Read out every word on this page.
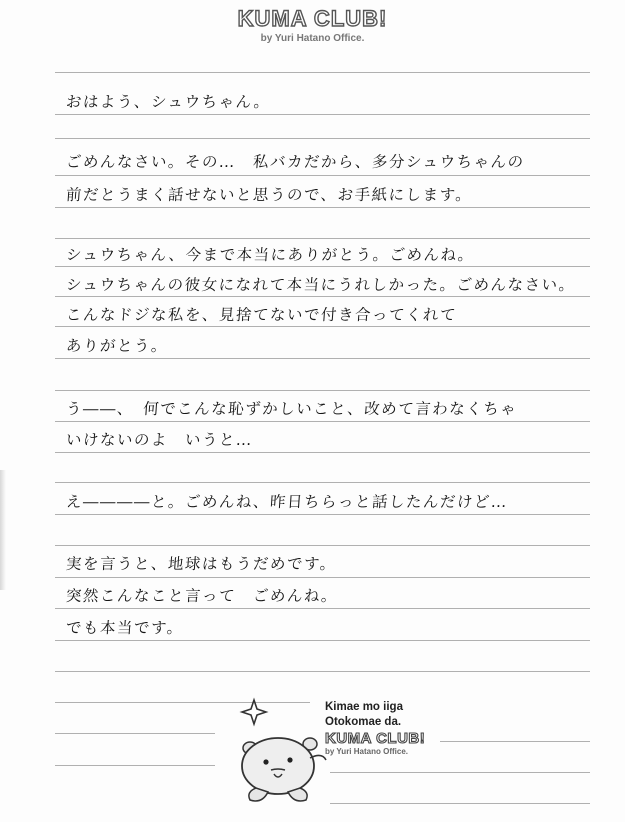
KUMA CLUB!
by Yuri Hatano Office.
おはよう、シュウちゃん。
ごめんなさい。その…　私バカだから、多分シュウちゃんの
前だとうまく話せないと思うので、お手紙にします。
シュウちゃん、今まで本当にありがとう。ごめんね。
シュウちゃんの彼女になれて本当にうれしかった。ごめんなさい。
こんなドジな私を、見捨てないで付き合ってくれて
ありがとう。
う――、　何でこんな恥ずかしいこと、改めて言わなくちゃ
いけないのよ　いうと…
え――――と。ごめんね、昨日ちらっと話したんだけど…
実を言うと、地球はもうだめです。
突然こんなこと言って　ごめんね。
でも本当です。
Kimae mo iiga
Otokomae da.
KUMA CLUB!
by Yuri Hatano Office.
